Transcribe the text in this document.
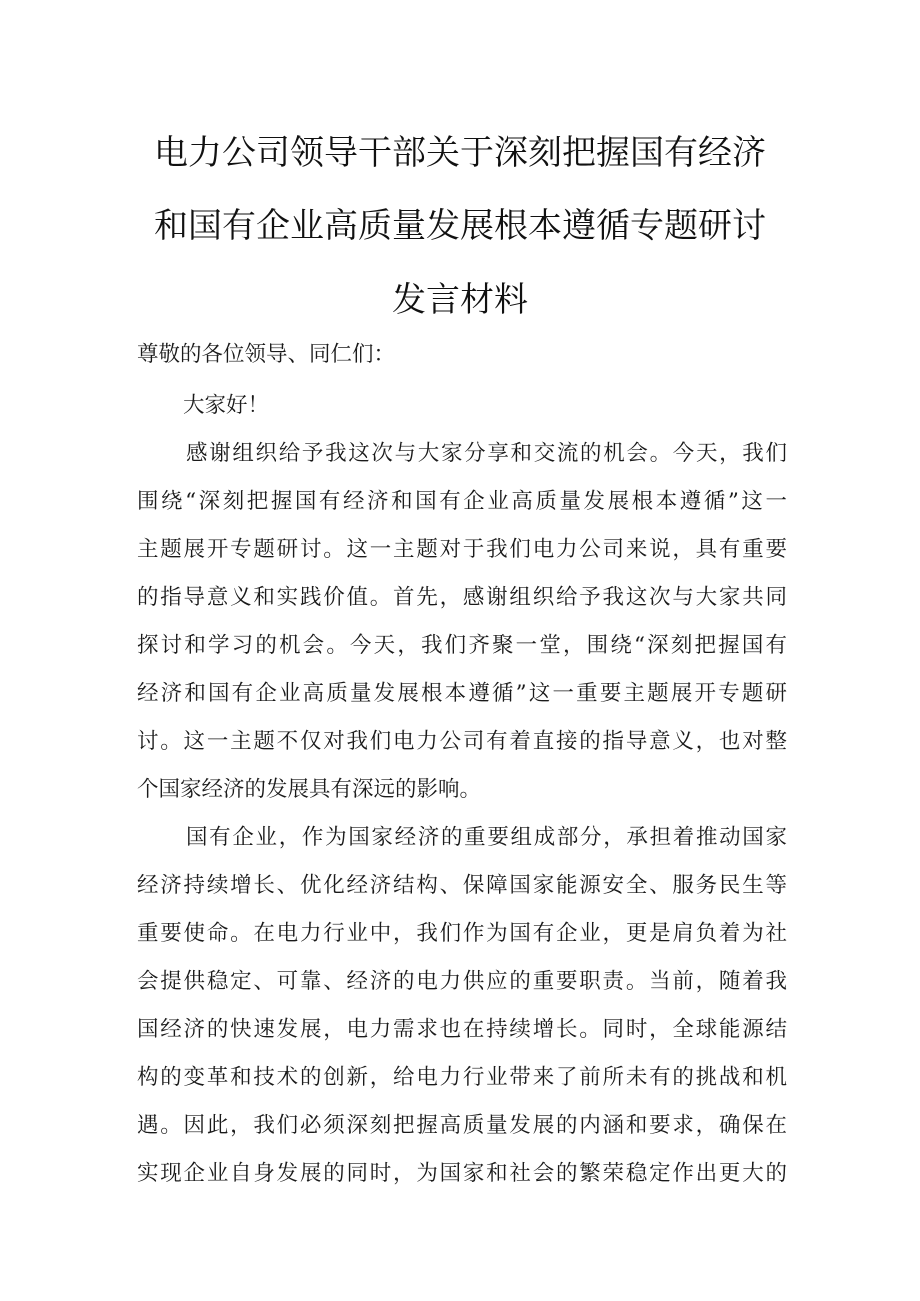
电力公司领导干部关于深刻把握国有经济
和国有企业高质量发展根本遵循专题研讨
发言材料
尊敬的各位领导、同仁们：
大家好！
感谢组织给予我这次与大家分享和交流的机会。今天，我们
围绕“深刻把握国有经济和国有企业高质量发展根本遵循”这一
主题展开专题研讨。这一主题对于我们电力公司来说，具有重要
的指导意义和实践价值。首先，感谢组织给予我这次与大家共同
探讨和学习的机会。今天，我们齐聚一堂，围绕“深刻把握国有
经济和国有企业高质量发展根本遵循”这一重要主题展开专题研
讨。这一主题不仅对我们电力公司有着直接的指导意义，也对整
个国家经济的发展具有深远的影响。
国有企业，作为国家经济的重要组成部分，承担着推动国家
经济持续增长、优化经济结构、保障国家能源安全、服务民生等
重要使命。在电力行业中，我们作为国有企业，更是肩负着为社
会提供稳定、可靠、经济的电力供应的重要职责。当前，随着我
国经济的快速发展，电力需求也在持续增长。同时，全球能源结
构的变革和技术的创新，给电力行业带来了前所未有的挑战和机
遇。因此，我们必须深刻把握高质量发展的内涵和要求，确保在
实现企业自身发展的同时，为国家和社会的繁荣稳定作出更大的
